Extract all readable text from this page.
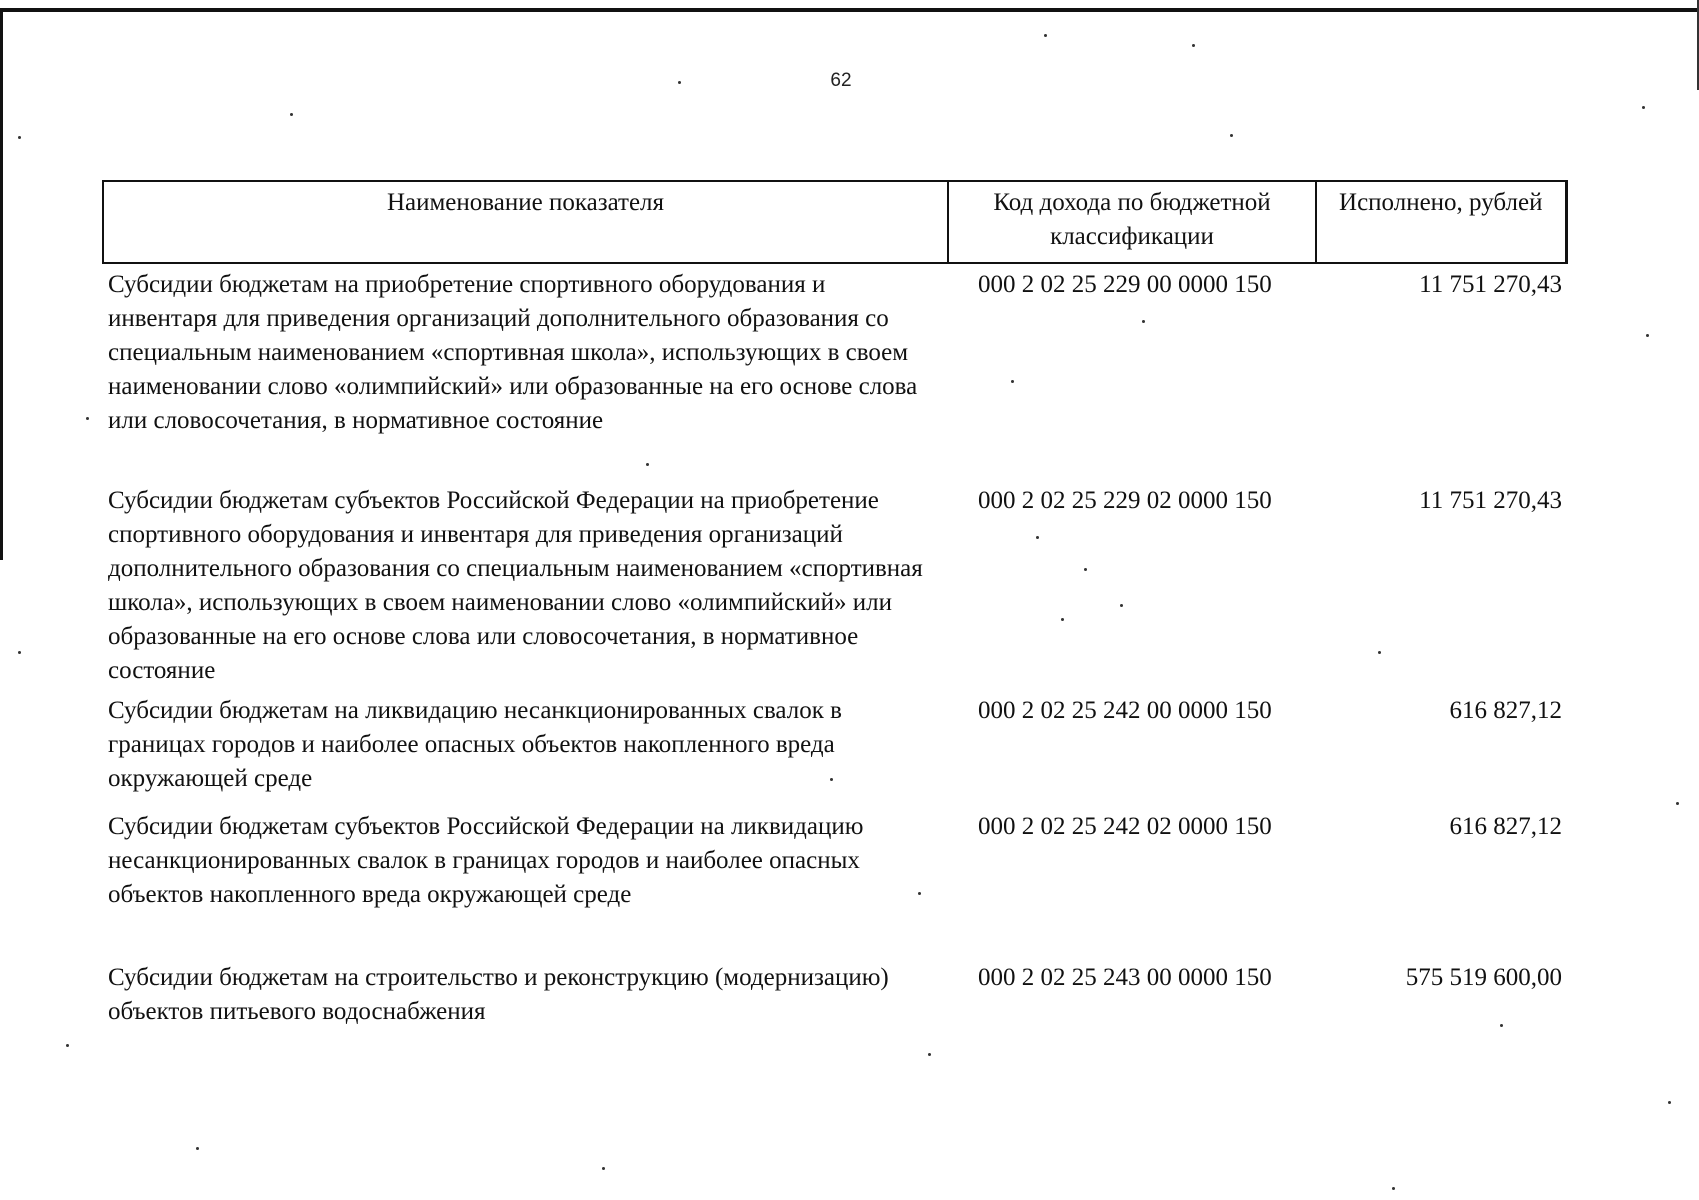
62
Наименование показателя	Код дохода по бюджетной классификации	Исполнено, рублей
Субсидии бюджетам на приобретение спортивного оборудования и инвентаря для приведения организаций дополнительного образования со специальным наименованием «спортивная школа», использующих в своем наименовании слово «олимпийский» или образованные на его основе слова или словосочетания, в нормативное состояние	000 2 02 25 229 00 0000 150	11 751 270,43
Субсидии бюджетам субъектов Российской Федерации на приобретение спортивного оборудования и инвентаря для приведения организаций дополнительного образования со специальным наименованием «спортивная школа», использующих в своем наименовании слово «олимпийский» или образованные на его основе слова или словосочетания, в нормативное состояние	000 2 02 25 229 02 0000 150	11 751 270,43
Субсидии бюджетам на ликвидацию несанкционированных свалок в границах городов и наиболее опасных объектов накопленного вреда окружающей среде	000 2 02 25 242 00 0000 150	616 827,12
Субсидии бюджетам субъектов Российской Федерации на ликвидацию несанкционированных свалок в границах городов и наиболее опасных объектов накопленного вреда окружающей среде	000 2 02 25 242 02 0000 150	616 827,12
Субсидии бюджетам на строительство и реконструкцию (модернизацию) объектов питьевого водоснабжения	000 2 02 25 243 00 0000 150	575 519 600,00
